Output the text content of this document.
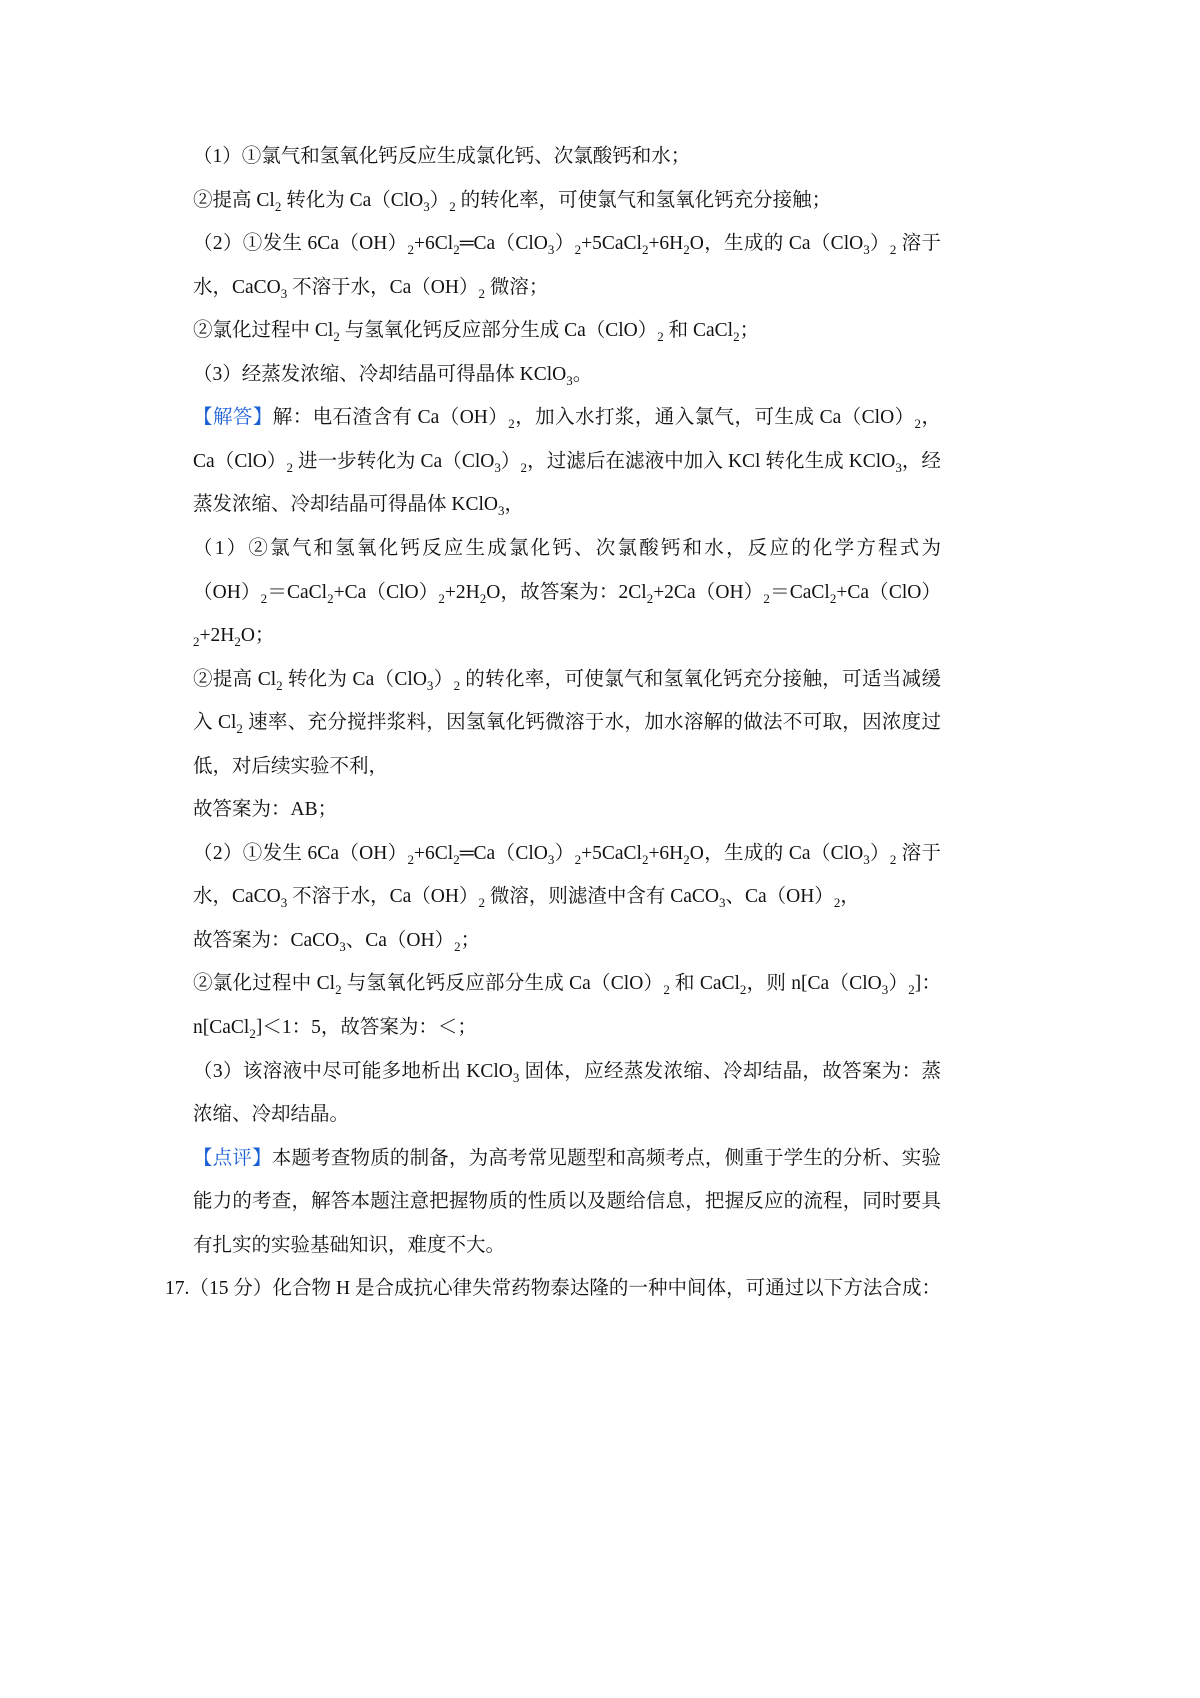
（1）①氯气和氢氧化钙反应生成氯化钙、次氯酸钙和水；
②提高 $Cl_2$ 转化为 $Ca(ClO_3)_2$ 的转化率，可使氯气和氢氧化钙充分接触；
（2）①发生 $6Ca(OH)_2+6Cl_2═Ca(ClO_3)_2+5CaCl_2+6H_2O$，生成的 $Ca(ClO_3)_2$ 溶于
水，CaCO$_3$ 不溶于水，$Ca(OH)_2$ 微溶；
②氯化过程中 $Cl_2$ 与氢氧化钙反应部分生成 $Ca(ClO)_2$ 和 CaCl$_2$；
（3）经蒸发浓缩、冷却结晶可得晶体 KClO$_3$。
【解答】解：电石渣含有 $Ca(OH)_2$，加入水打浆，通入氯气，可生成 $Ca(ClO)_2$，
$Ca(ClO)_2$ 进一步转化为 $Ca(ClO_3)_2$，过滤后在滤液中加入 KCl 转化生成 KClO$_3$，经
蒸发浓缩、冷却结晶可得晶体 KClO$_3$，
（1）②氯气和氢氧化钙反应生成氯化钙、次氯酸钙和水，反应的化学方程式为
$(OH)_2=CaCl_2+Ca(ClO)_2+2H_2O$，故答案为：$2Cl_2+2Ca(OH)_2=CaCl_2+Ca(ClO)$
$_2+2H_2O$；
②提高 $Cl_2$ 转化为 $Ca(ClO_3)_2$ 的转化率，可使氯气和氢氧化钙充分接触，可适当减缓
入 $Cl_2$ 速率、充分搅拌浆料，因氢氧化钙微溶于水，加水溶解的做法不可取，因浓度过
低，对后续实验不利，
故答案为：AB；
（2）①发生 $6Ca(OH)_2+6Cl_2═Ca(ClO_3)_2+5CaCl_2+6H_2O$，生成的 $Ca(ClO_3)_2$ 溶于
水，CaCO$_3$ 不溶于水，$Ca(OH)_2$ 微溶，则滤渣中含有 CaCO$_3$、$Ca(OH)_2$，
故答案为：CaCO$_3$、$Ca(OH)_2$；
②氯化过程中 $Cl_2$ 与氢氧化钙反应部分生成 $Ca(ClO)_2$ 和 CaCl$_2$，则 $n[Ca(ClO_3)_2]$：
n[CaCl$_2$]＜1：5，故答案为：＜；
（3）该溶液中尽可能多地析出 KClO$_3$ 固体，应经蒸发浓缩、冷却结晶，故答案为：蒸
浓缩、冷却结晶。
【点评】本题考查物质的制备，为高考常见题型和高频考点，侧重于学生的分析、实验
能力的考查，解答本题注意把握物质的性质以及题给信息，把握反应的流程，同时要具
有扎实的实验基础知识，难度不大。
17.（15 分）化合物 H 是合成抗心律失常药物泰达隆的一种中间体，可通过以下方法合成：
